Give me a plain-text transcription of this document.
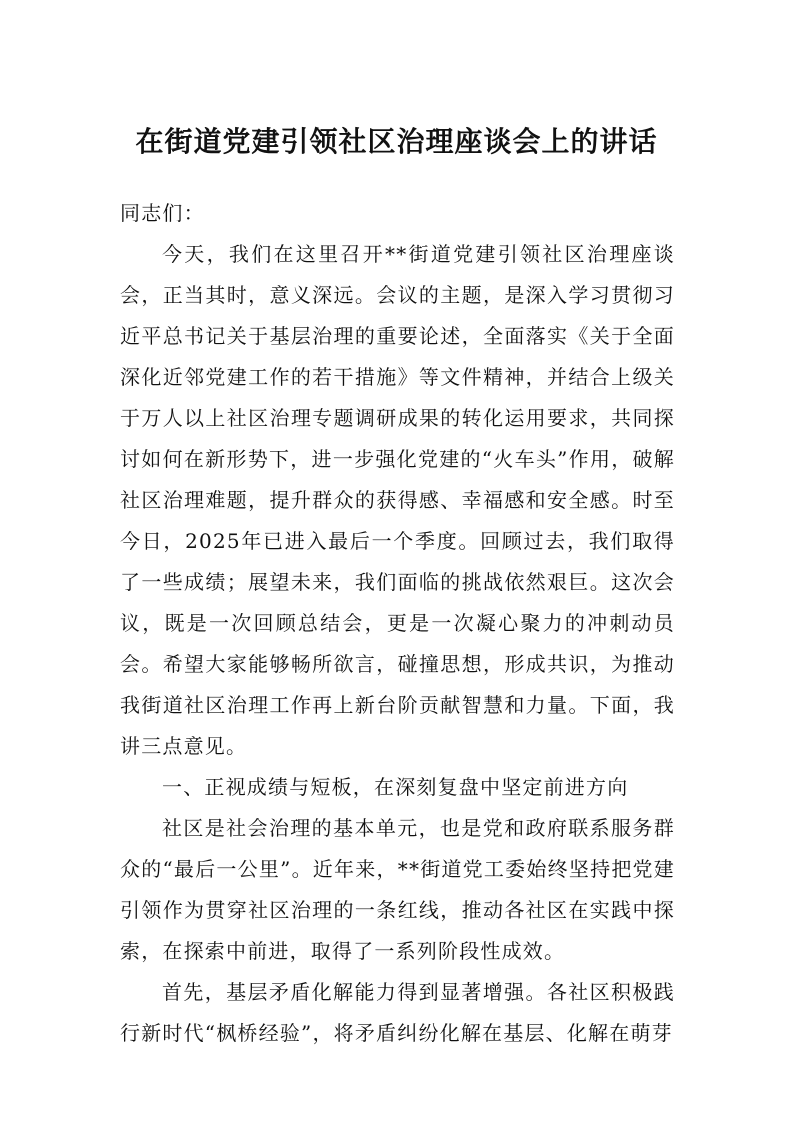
在街道党建引领社区治理座谈会上的讲话

同志们：

今天，我们在这里召开**街道党建引领社区治理座谈会，正当其时，意义深远。会议的主题，是深入学习贯彻习近平总书记关于基层治理的重要论述，全面落实《关于全面深化近邻党建工作的若干措施》等文件精神，并结合上级关于万人以上社区治理专题调研成果的转化运用要求，共同探讨如何在新形势下，进一步强化党建的“火车头”作用，破解社区治理难题，提升群众的获得感、幸福感和安全感。时至今日，2025年已进入最后一个季度。回顾过去，我们取得了一些成绩；展望未来，我们面临的挑战依然艰巨。这次会议，既是一次回顾总结会，更是一次凝心聚力的冲刺动员会。希望大家能够畅所欲言，碰撞思想，形成共识，为推动我街道社区治理工作再上新台阶贡献智慧和力量。下面，我讲三点意见。

一、正视成绩与短板，在深刻复盘中坚定前进方向

社区是社会治理的基本单元，也是党和政府联系服务群众的“最后一公里”。近年来，**街道党工委始终坚持把党建引领作为贯穿社区治理的一条红线，推动各社区在实践中探索，在探索中前进，取得了一系列阶段性成效。

首先，基层矛盾化解能力得到显著增强。各社区积极践行新时代“枫桥经验”，将矛盾纠纷化解在基层、化解在萌芽
